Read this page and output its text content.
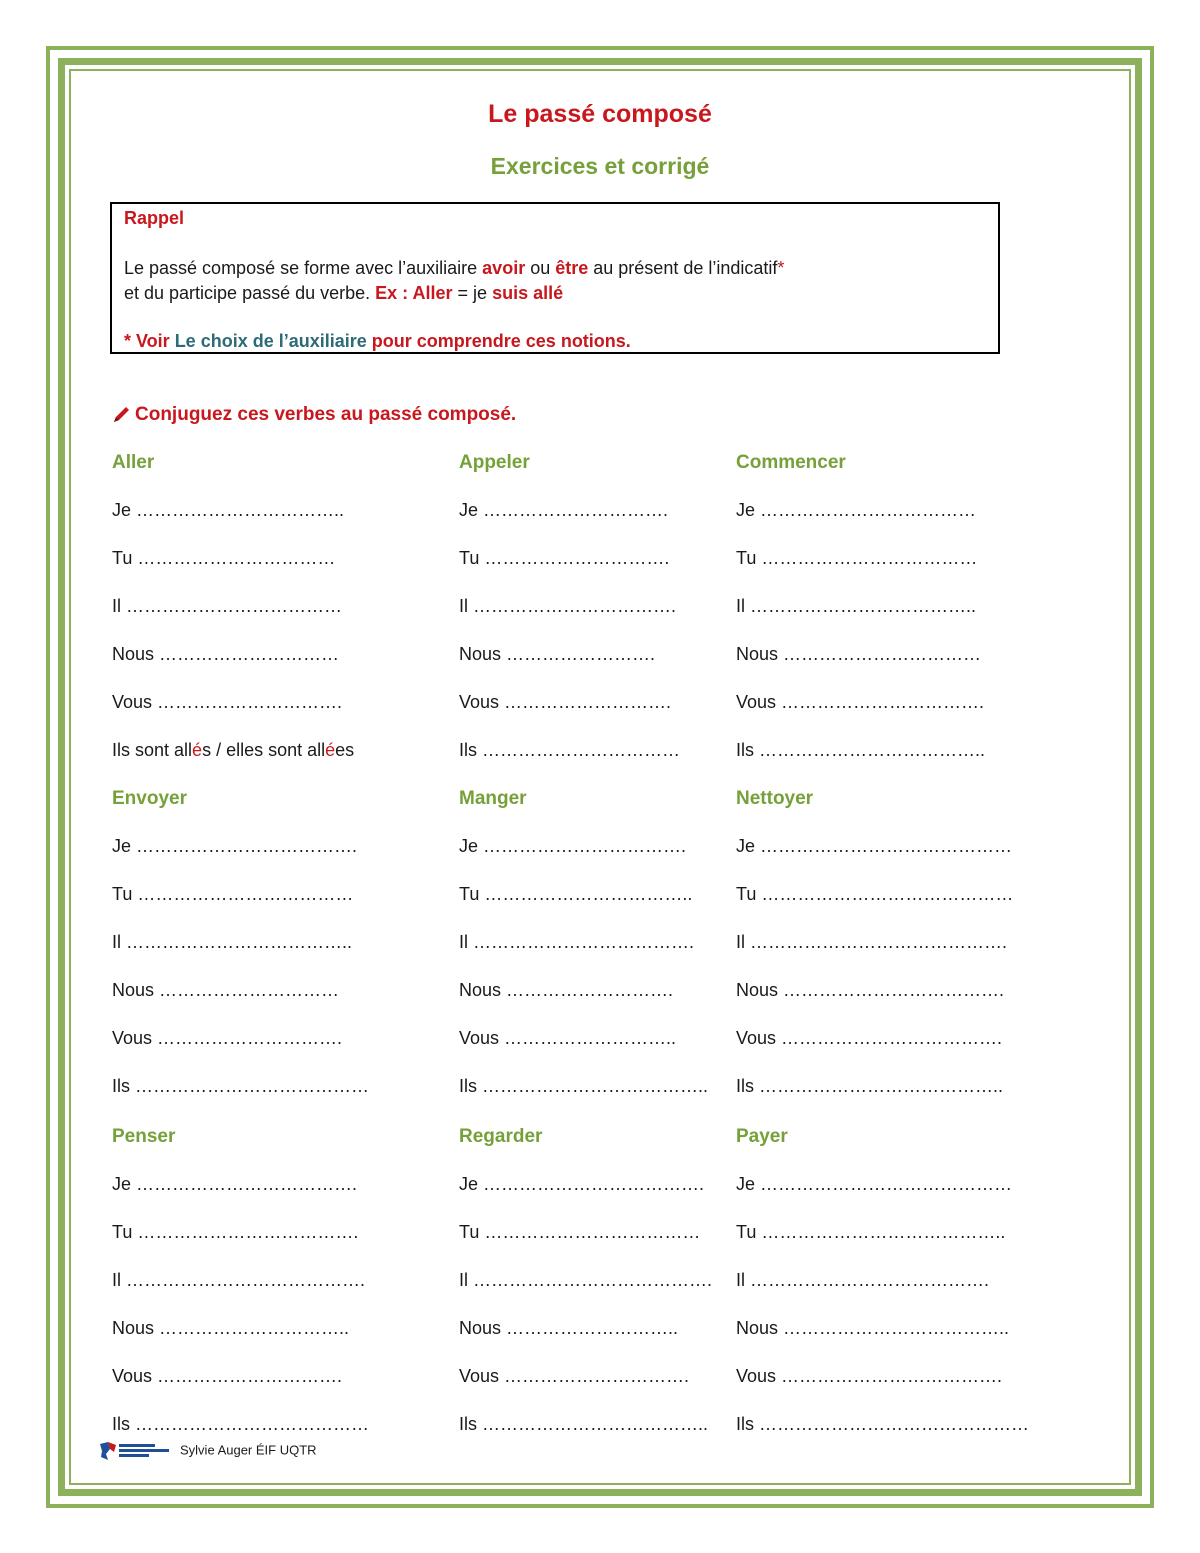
Le passé composé
Exercices et corrigé
Rappel
Le passé composé se forme avec l’auxiliaire avoir ou être au présent de l’indicatif*
et du participe passé du verbe. Ex : Aller = je suis allé
* Voir Le choix de l’auxiliaire pour comprendre ces notions.
Conjuguez ces verbes au passé composé.
Aller
Je ……………………………..
Tu ……………………………
Il ………………………………
Nous …………………………
Vous ………………………….
Ils sont allés / elles sont allées
Appeler
Je ………………………….
Tu ………………………….
Il …………………………….
Nous …………………….
Vous ……………………….
Ils ……………………………
Commencer
Je ………………………………
Tu ………………………………
Il ………………………………..
Nous ……………………………
Vous …………………………….
Ils ………………………………..
Envoyer
Je ……………………………….
Tu ………………………………
Il ………………………………..
Nous …………………………
Vous ………………………….
Ils …………………………………
Manger
Je …………………………….
Tu ……………………………..
Il ……………………………….
Nous ……………………….
Vous ………………………..
Ils ………………………………..
Nettoyer
Je ……………………………………
Tu ……………………………………
Il …………………………………….
Nous ……………………………….
Vous ……………………………….
Ils …………………………………..
Penser
Je ……………………………….
Tu ……………………………….
Il ………………………………….
Nous …………………………..
Vous ………………………….
Ils …………………………………
Regarder
Je ……………………………….
Tu ………………………………
Il ………………………………….
Nous ………………………..
Vous ………………………….
Ils ………………………………..
Payer
Je ……………………………………
Tu …………………………………..
Il ………………………………….
Nous ………………………………..
Vous ……………………………….
Ils ………………………………………
Sylvie Auger ÉIF UQTR
